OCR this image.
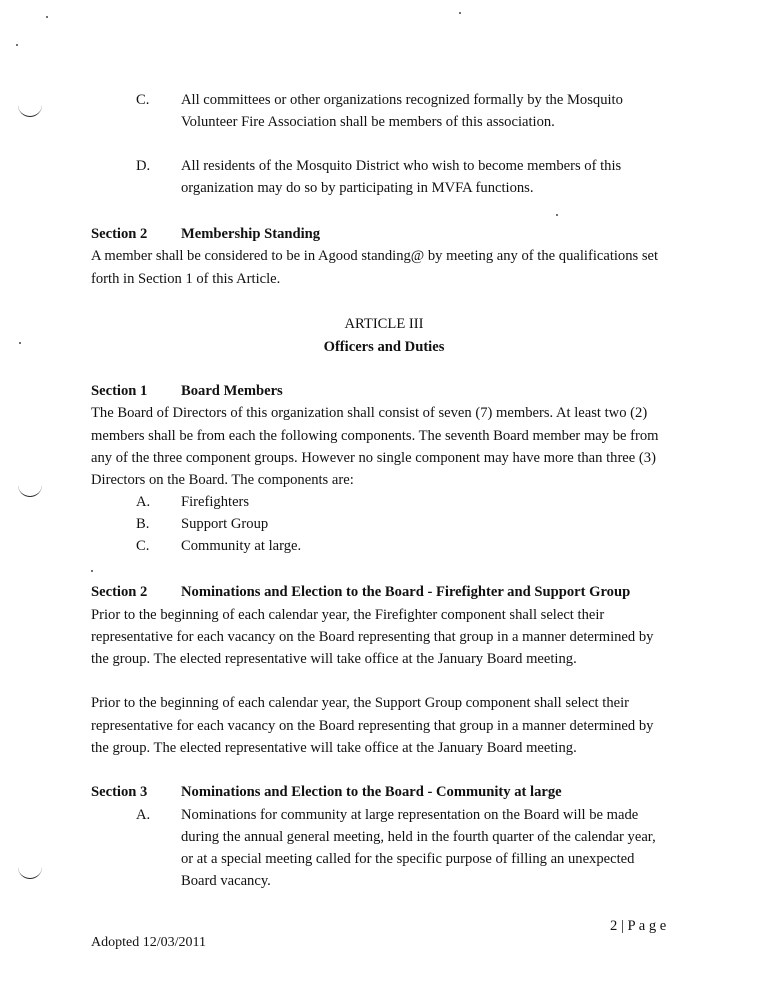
C.	All committees or other organizations recognized formally by the Mosquito
Volunteer Fire Association shall be members of this association.
D.	All residents of the Mosquito District who wish to become members of this
organization may do so by participating in MVFA functions.
Section 2	Membership Standing
A member shall be considered to be in Agood standing@ by meeting any of the qualifications set
forth in Section 1 of this Article.
ARTICLE III
Officers and Duties
Section 1	Board Members
The Board of Directors of this organization shall consist of seven (7) members. At least two (2)
members shall be from each the following components. The seventh Board member may be from
any of the three component groups. However no single component may have more than three (3)
Directors on the Board. The components are:
A.	Firefighters
B.	Support Group
C.	Community at large.
Section 2	Nominations and Election to the Board - Firefighter and Support Group
Prior to the beginning of each calendar year, the Firefighter component shall select their
representative for each vacancy on the Board representing that group in a manner determined by
the group. The elected representative will take office at the January Board meeting.
Prior to the beginning of each calendar year, the Support Group component shall select their
representative for each vacancy on the Board representing that group in a manner determined by
the group. The elected representative will take office at the January Board meeting.
Section 3	Nominations and Election to the Board - Community at large
A.	Nominations for community at large representation on the Board will be made
during the annual general meeting, held in the fourth quarter of the calendar year,
or at a special meeting called for the specific purpose of filling an unexpected
Board vacancy.
2 | P a g e
Adopted 12/03/2011
